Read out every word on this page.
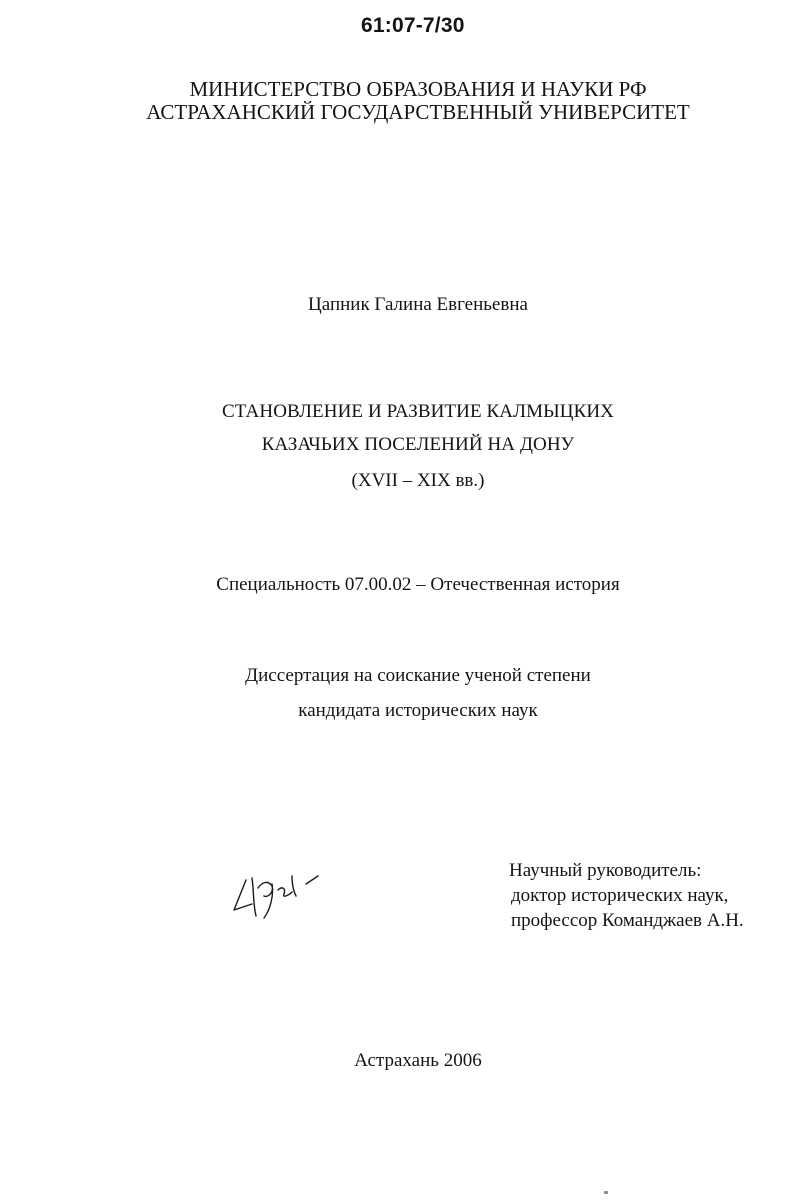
61:07-7/30
МИНИСТЕРСТВО ОБРАЗОВАНИЯ И НАУКИ РФ
АСТРАХАНСКИЙ ГОСУДАРСТВЕННЫЙ УНИВЕРСИТЕТ
Цапник Галина Евгеньевна
СТАНОВЛЕНИЕ И РАЗВИТИЕ КАЛМЫЦКИХ
КАЗАЧЬИХ ПОСЕЛЕНИЙ НА ДОНУ
(XVII – XIX вв.)
Специальность 07.00.02 – Отечественная история
Диссертация на соискание ученой степени
кандидата исторических наук
Научный руководитель:
доктор исторических наук,
профессор Команджаев А.Н.
Астрахань 2006
